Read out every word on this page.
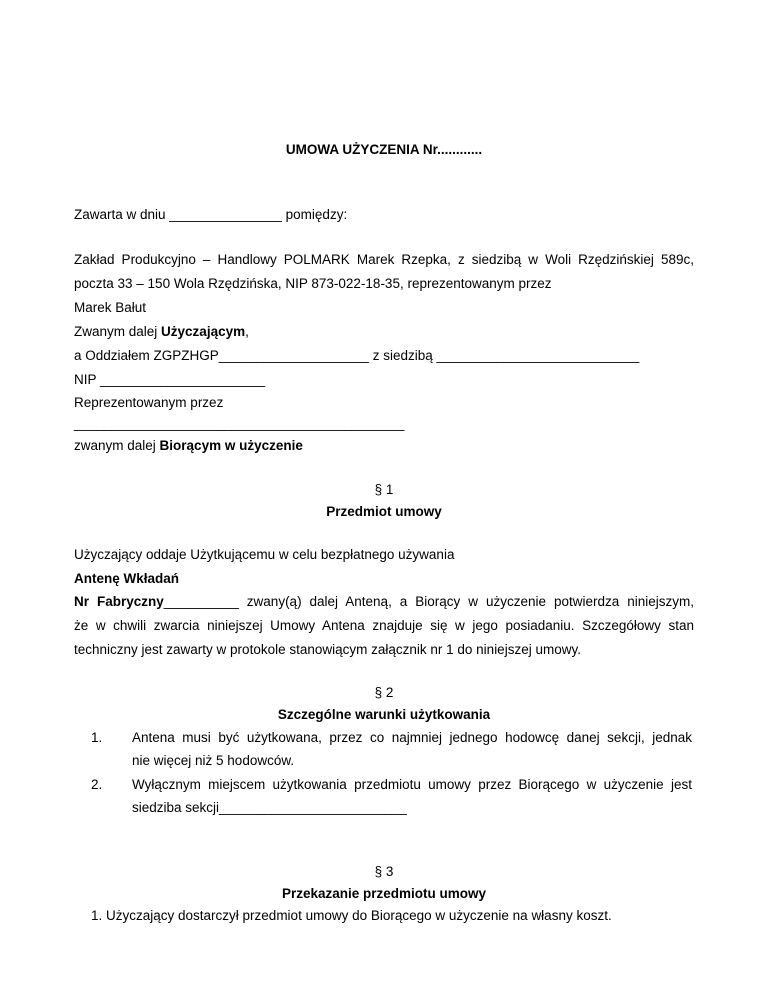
UMOWA UŻYCZENIA Nr............
Zawarta w dniu _______________ pomiędzy:
Zakład Produkcyjno – Handlowy POLMARK Marek Rzepka, z siedzibą w Woli Rzędzińskiej 589c,
poczta 33 – 150 Wola Rzędzińska, NIP 873-022-18-35, reprezentowanym przez
Marek Bałut
Zwanym dalej Użyczającym,
a Oddziałem ZGPZHGP____________________ z siedzibą ___________________________
NIP ______________________
Reprezentowanym przez
____________________________________________
zwanym dalej Biorącym w użyczenie
§ 1
Przedmiot umowy
Użyczający oddaje Użytkującemu w celu bezpłatnego używania
Antenę Wkładań
Nr Fabryczny__________ zwany(ą) dalej Anteną, a Biorący w użyczenie potwierdza niniejszym,
że w chwili zwarcia niniejszej Umowy Antena znajduje się w jego posiadaniu. Szczegółowy stan
techniczny jest zawarty w protokole stanowiącym załącznik nr 1 do niniejszej umowy.
§ 2
Szczególne warunki użytkowania
1. Antena musi być użytkowana, przez co najmniej jednego hodowcę danej sekcji, jednak
nie więcej niż 5 hodowców.
2. Wyłącznym miejscem użytkowania przedmiotu umowy przez Biorącego w użyczenie jest
siedziba sekcji_________________________
§ 3
Przekazanie przedmiotu umowy
1. Użyczający dostarczył przedmiot umowy do Biorącego w użyczenie na własny koszt.
